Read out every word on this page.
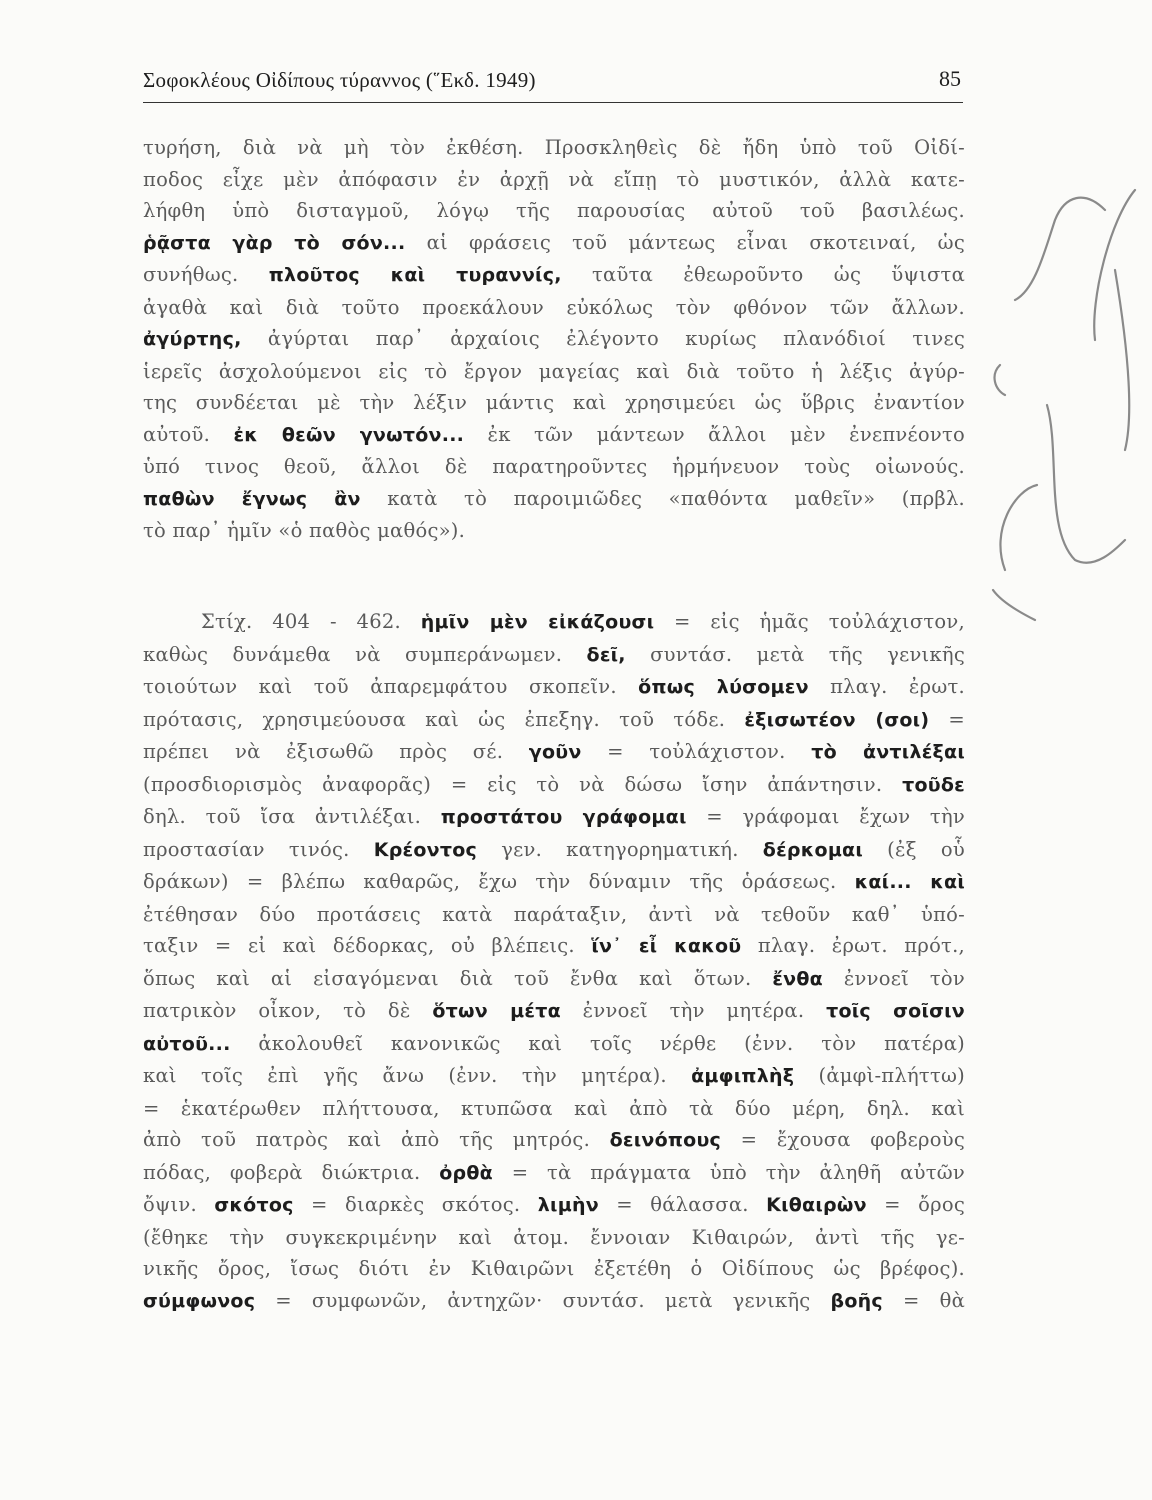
Σοφοκλέους Οἰδίπους τύραννος (῞Εκδ. 1949)	85
τυρήση, διὰ νὰ μὴ τὸν ἐκθέση. Προσκληθεὶς δὲ ἤδη ὑπὸ τοῦ Οἰδί-
ποδος εἶχε μὲν ἀπόφασιν ἐν ἀρχῇ νὰ εἴπῃ τὸ μυστικόν, ἀλλὰ κατε-
λήφθη ὑπὸ δισταγμοῦ, λόγῳ τῆς παρουσίας αὐτοῦ τοῦ βασιλέως.
ῥᾷστα γὰρ τὸ σόν... αἱ φράσεις τοῦ μάντεως εἶναι σκοτειναί, ὡς
συνήθως. πλοῦτος καὶ τυραννίς, ταῦτα ἐθεωροῦντο ὡς ὕψιστα
ἀγαθὰ καὶ διὰ τοῦτο προεκάλουν εὐκόλως τὸν φθόνον τῶν ἄλλων.
ἀγύρτης, ἀγύρται παρ᾽ ἀρχαίοις ἐλέγοντο κυρίως πλανόδιοί τινες
ἱερεῖς ἀσχολούμενοι εἰς τὸ ἔργον μαγείας καὶ διὰ τοῦτο ἡ λέξις ἀγύρ-
της συνδέεται μὲ τὴν λέξιν μάντις καὶ χρησιμεύει ὡς ὕβρις ἐναντίον
αὐτοῦ. ἐκ θεῶν γνωτόν... ἐκ τῶν μάντεων ἄλλοι μὲν ἐνεπνέοντο
ὑπό τινος θεοῦ, ἄλλοι δὲ παρατηροῦντες ἡρμήνευον τοὺς οἰωνούς.
παθὼν ἔγνως ἂν κατὰ τὸ παροιμιῶδες «παθόντα μαθεῖν» (πρβλ.
τὸ παρ᾽ ἡμῖν «ὁ παθὸς μαθός»).
Στίχ. 404 - 462. ἡμῖν μὲν εἰκάζουσι = εἰς ἡμᾶς τοὐλάχιστον,
καθὼς δυνάμεθα νὰ συμπεράνωμεν. δεῖ, συντάσ. μετὰ τῆς γενικῆς
τοιούτων καὶ τοῦ ἀπαρεμφάτου σκοπεῖν. ὅπως λύσομεν πλαγ. ἐρωτ.
πρότασις, χρησιμεύουσα καὶ ὡς ἐπεξηγ. τοῦ τόδε. ἐξισωτέον (σοι) =
πρέπει νὰ ἐξισωθῶ πρὸς σέ. γοῦν = τοὐλάχιστον. τὸ ἀντιλέξαι
(προσδιορισμὸς ἀναφορᾶς) = εἰς τὸ νὰ δώσω ἴσην ἀπάντησιν. τοῦδε
δηλ. τοῦ ἴσα ἀντιλέξαι. προστάτου γράφομαι = γράφομαι ἔχων τὴν
προστασίαν τινός. Κρέοντος γεν. κατηγορηματική. δέρκομαι (ἐξ οὗ
δράκων) = βλέπω καθαρῶς, ἔχω τὴν δύναμιν τῆς ὁράσεως. καί... καὶ
ἐτέθησαν δύο προτάσεις κατὰ παράταξιν, ἀντὶ νὰ τεθοῦν καθ᾽ ὑπό-
ταξιν = εἰ καὶ δέδορκας, οὐ βλέπεις. ἵν᾽ εἶ κακοῦ πλαγ. ἐρωτ. πρότ.,
ὅπως καὶ αἱ εἰσαγόμεναι διὰ τοῦ ἔνθα καὶ ὅτων. ἔνθα ἐννοεῖ τὸν
πατρικὸν οἶκον, τὸ δὲ ὅτων μέτα ἐννοεῖ τὴν μητέρα. τοῖς σοῖσιν
αὐτοῦ... ἀκολουθεῖ κανονικῶς καὶ τοῖς νέρθε (ἐνν. τὸν πατέρα)
καὶ τοῖς ἐπὶ γῆς ἄνω (ἐνν. τὴν μητέρα). ἀμφιπλὴξ (ἀμφὶ-πλήττω)
= ἑκατέρωθεν πλήττουσα, κτυπῶσα καὶ ἀπὸ τὰ δύο μέρη, δηλ. καὶ
ἀπὸ τοῦ πατρὸς καὶ ἀπὸ τῆς μητρός. δεινόπους = ἔχουσα φοβεροὺς
πόδας, φοβερὰ διώκτρια. ὀρθὰ = τὰ πράγματα ὑπὸ τὴν ἀληθῆ αὐτῶν
ὄψιν. σκότος = διαρκὲς σκότος. λιμὴν = θάλασσα. Κιθαιρὼν = ὄρος
(ἔθηκε τὴν συγκεκριμένην καὶ ἀτομ. ἔννοιαν Κιθαιρών, ἀντὶ τῆς γε-
νικῆς ὄρος, ἴσως διότι ἐν Κιθαιρῶνι ἐξετέθη ὁ Οἰδίπους ὡς βρέφος).
σύμφωνος = συμφωνῶν, ἀντηχῶν· συντάσ. μετὰ γενικῆς βοῆς = θὰ
